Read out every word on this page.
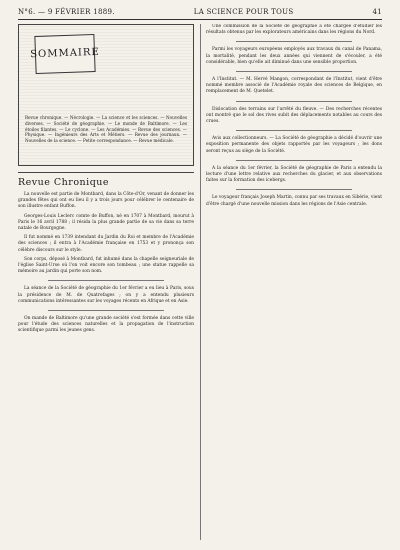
N°6. — 9 FÉVRIER 1889.	LA SCIENCE POUR TOUS	41
SOMMAIRE
Revue chronique. — Nécrologie. — La science et les sciences. — Nouvelles diverses. — Société de géographie. — Le monde de Baltimore. — Les étoiles filantes. — Le cyclone. — Les Académies. — Revue des sciences. — Physique. — Ingénieurs des Arts et Métiers. — Revue des journaux. — Nouvelles de la science. — Petite correspondance. — Revue médicale.
Revue Chronique

La nouvelle est partie de Montbard, dans la Côte-d'Or, venant de donner les grandes fêtes qui ont eu lieu il y a trois jours pour célébrer le centenaire de son illustre enfant Buffon.

Georges-Louis Leclerc comte de Buffon, né en 1707 à Montbard, mourut à Paris le 16 avril 1788 ; il résida la plus grande partie de sa vie dans sa terre natale de Bourgogne.

Il fut nommé en 1739 intendant du Jardin du Roi et membre de l'Académie des sciences ; il entra à l'Académie française en 1753 et y prononça son célèbre discours sur le style.

Son corps, déposé à Montbard, fut inhumé dans la chapelle seigneuriale de l'église Saint-Urse où l'on voit encore son tombeau ; une statue rappelle sa mémoire au jardin qui porte son nom.

La séance de la Société de géographie du 1er février a eu lieu à Paris, sous la présidence de M. de Quatrefages ; on y a entendu plusieurs communications intéressantes sur les voyages récents en Afrique et en Asie.

On mande de Baltimore qu'une grande société s'est formée dans cette ville pour l'étude des sciences naturelles et la propagation de l'instruction scientifique parmi les jeunes gens.

Une commission de la Société de géographie a été chargée d'étudier les résultats obtenus par les explorateurs américains dans les régions du Nord.

Parmi les voyageurs européens employés aux travaux du canal de Panama, la mortalité, pendant les deux années qui viennent de s'écouler, a été considérable, bien qu'elle ait diminué dans une sensible proportion.

A l'Institut. — M. Hervé Mangon, correspondant de l'Institut, vient d'être nommé membre associé de l'Académie royale des sciences de Belgique, en remplacement de M. Quetelet.

Dislocation des terrains sur l'arrêté du fleuve. — Des recherches récentes ont montré que le sol des rives subit des déplacements notables au cours des crues.

Avis aux collectionneurs. — La Société de géographie a décidé d'ouvrir une exposition permanente des objets rapportés par les voyageurs ; les dons seront reçus au siège de la Société.

A la séance du 1er février, la Société de géographie de Paris a entendu la lecture d'une lettre relative aux recherches du glacier, et aux observations faites sur la formation des icebergs.

Le voyageur français Joseph Martin, connu par ses travaux en Sibérie, vient d'être chargé d'une nouvelle mission dans les régions de l'Asie centrale.
